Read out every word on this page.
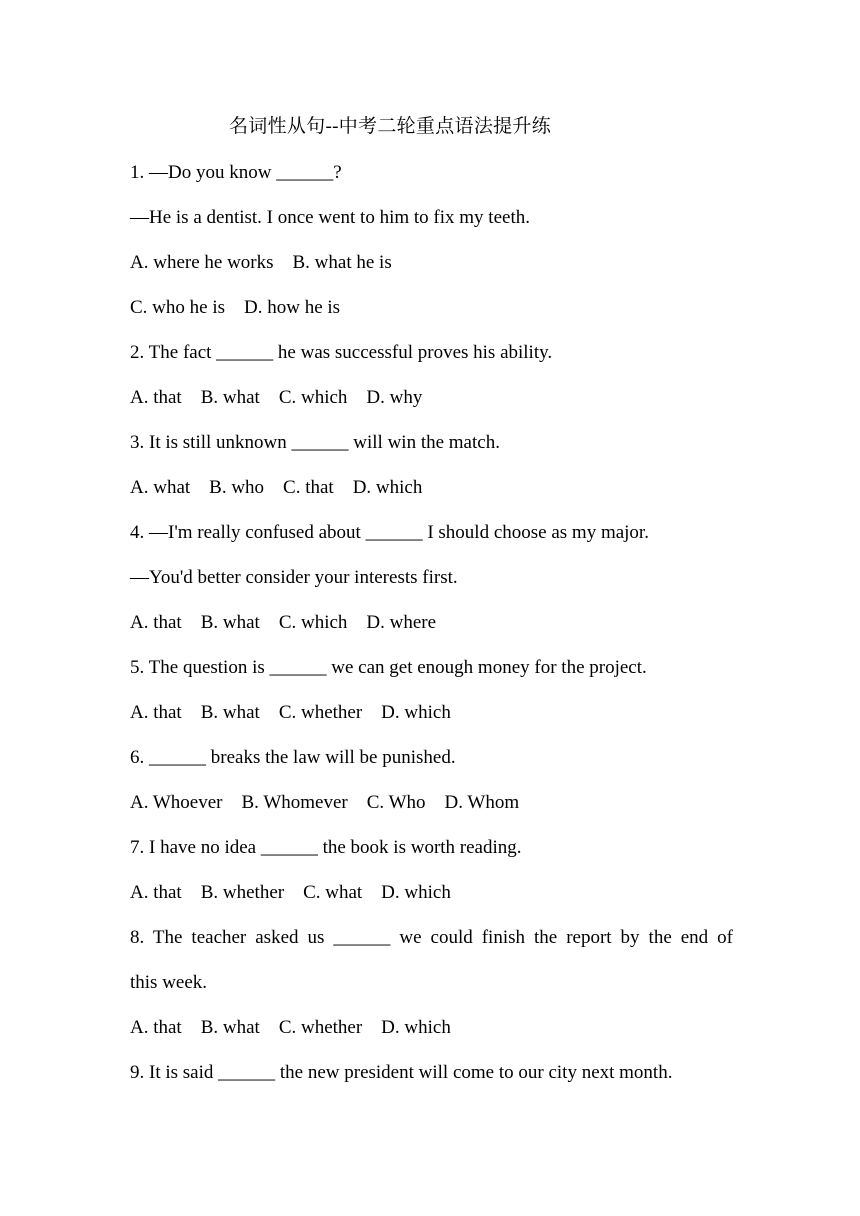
名词性从句--中考二轮重点语法提升练
1. —Do you know ______?
—He is a dentist. I once went to him to fix my teeth.
A. where he works    B. what he is
C. who he is    D. how he is
2. The fact ______ he was successful proves his ability.
A. that    B. what    C. which    D. why
3. It is still unknown ______ will win the match.
A. what    B. who    C. that    D. which
4. —I'm really confused about ______ I should choose as my major.
—You'd better consider your interests first.
A. that    B. what    C. which    D. where
5. The question is ______ we can get enough money for the project.
A. that    B. what    C. whether    D. which
6. ______ breaks the law will be punished.
A. Whoever    B. Whomever    C. Who    D. Whom
7. I have no idea ______ the book is worth reading.
A. that    B. whether    C. what    D. which
8. The teacher asked us ______ we could finish the report by the end of
this week.
A. that    B. what    C. whether    D. which
9. It is said ______ the new president will come to our city next month.
